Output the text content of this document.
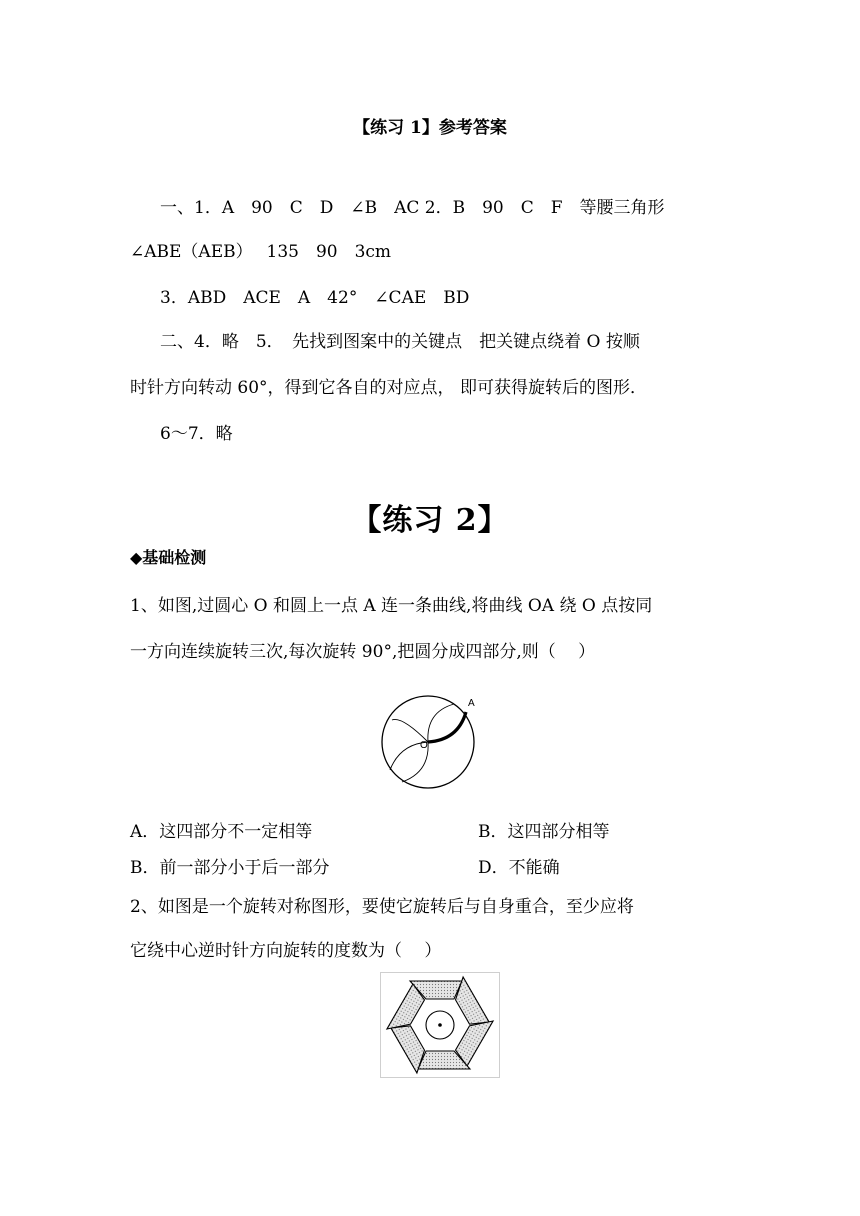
【练习 1】参考答案
一、1．A　90　C　D　∠B　AC 2．B　90　C　F　等腰三角形
∠ABE（AEB）　 135　90　3cm
3．ABD　ACE　A　42°　∠CAE　BD
二、4．略　5．　先找到图案中的关键点　把关键点绕着 O 按顺
时针方向转动 60°，得到它各自的对应点， 即可获得旋转后的图形．
6～7．略
【练习 2】
◆基础检测
1、如图,过圆心 O 和圆上一点 A 连一条曲线,将曲线 OA 绕 O 点按同
一方向连续旋转三次,每次旋转 90°,把圆分成四部分,则（　 ）
A
O
A．这四部分不一定相等	B．这四部分相等
B．前一部分小于后一部分	D．不能确
2、如图是一个旋转对称图形，要使它旋转后与自身重合，至少应将
它绕中心逆时针方向旋转的度数为（　 ）
